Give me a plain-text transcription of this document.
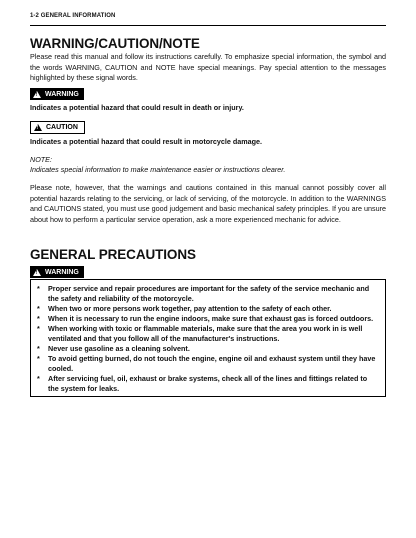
1-2 GENERAL INFORMATION
WARNING/CAUTION/NOTE
Please read this manual and follow its instructions carefully. To emphasize special information, the symbol and the words WARNING, CAUTION and NOTE have special meanings. Pay special attention to the messages highlighted by these signal words.
!
WARNING
Indicates a potential hazard that could result in death or injury.
!
CAUTION
Indicates a potential hazard that could result in motorcycle damage.
NOTE:
Indicates special information to make maintenance easier or instructions clearer.
Please note, however, that the warnings and cautions contained in this manual cannot possibly cover all potential hazards relating to the servicing, or lack of servicing, of the motorcycle. In addition to the WARNINGS and CAUTIONS stated, you must use good judgement and basic mechanical safety principles. If you are unsure about how to perform a particular service operation, ask a more experienced mechanic for advice.
GENERAL PRECAUTIONS
!
WARNING
* Proper service and repair procedures are important for the safety of the service mechanic and the safety and reliability of the motorcycle.
* When two or more persons work together, pay attention to the safety of each other.
* When it is necessary to run the engine indoors, make sure that exhaust gas is forced outdoors.
* When working with toxic or flammable materials, make sure that the area you work in is well ventilated and that you follow all of the manufacturer's instructions.
* Never use gasoline as a cleaning solvent.
* To avoid getting burned, do not touch the engine, engine oil and exhaust system until they have cooled.
* After servicing fuel, oil, exhaust or brake systems, check all of the lines and fittings related to the system for leaks.
